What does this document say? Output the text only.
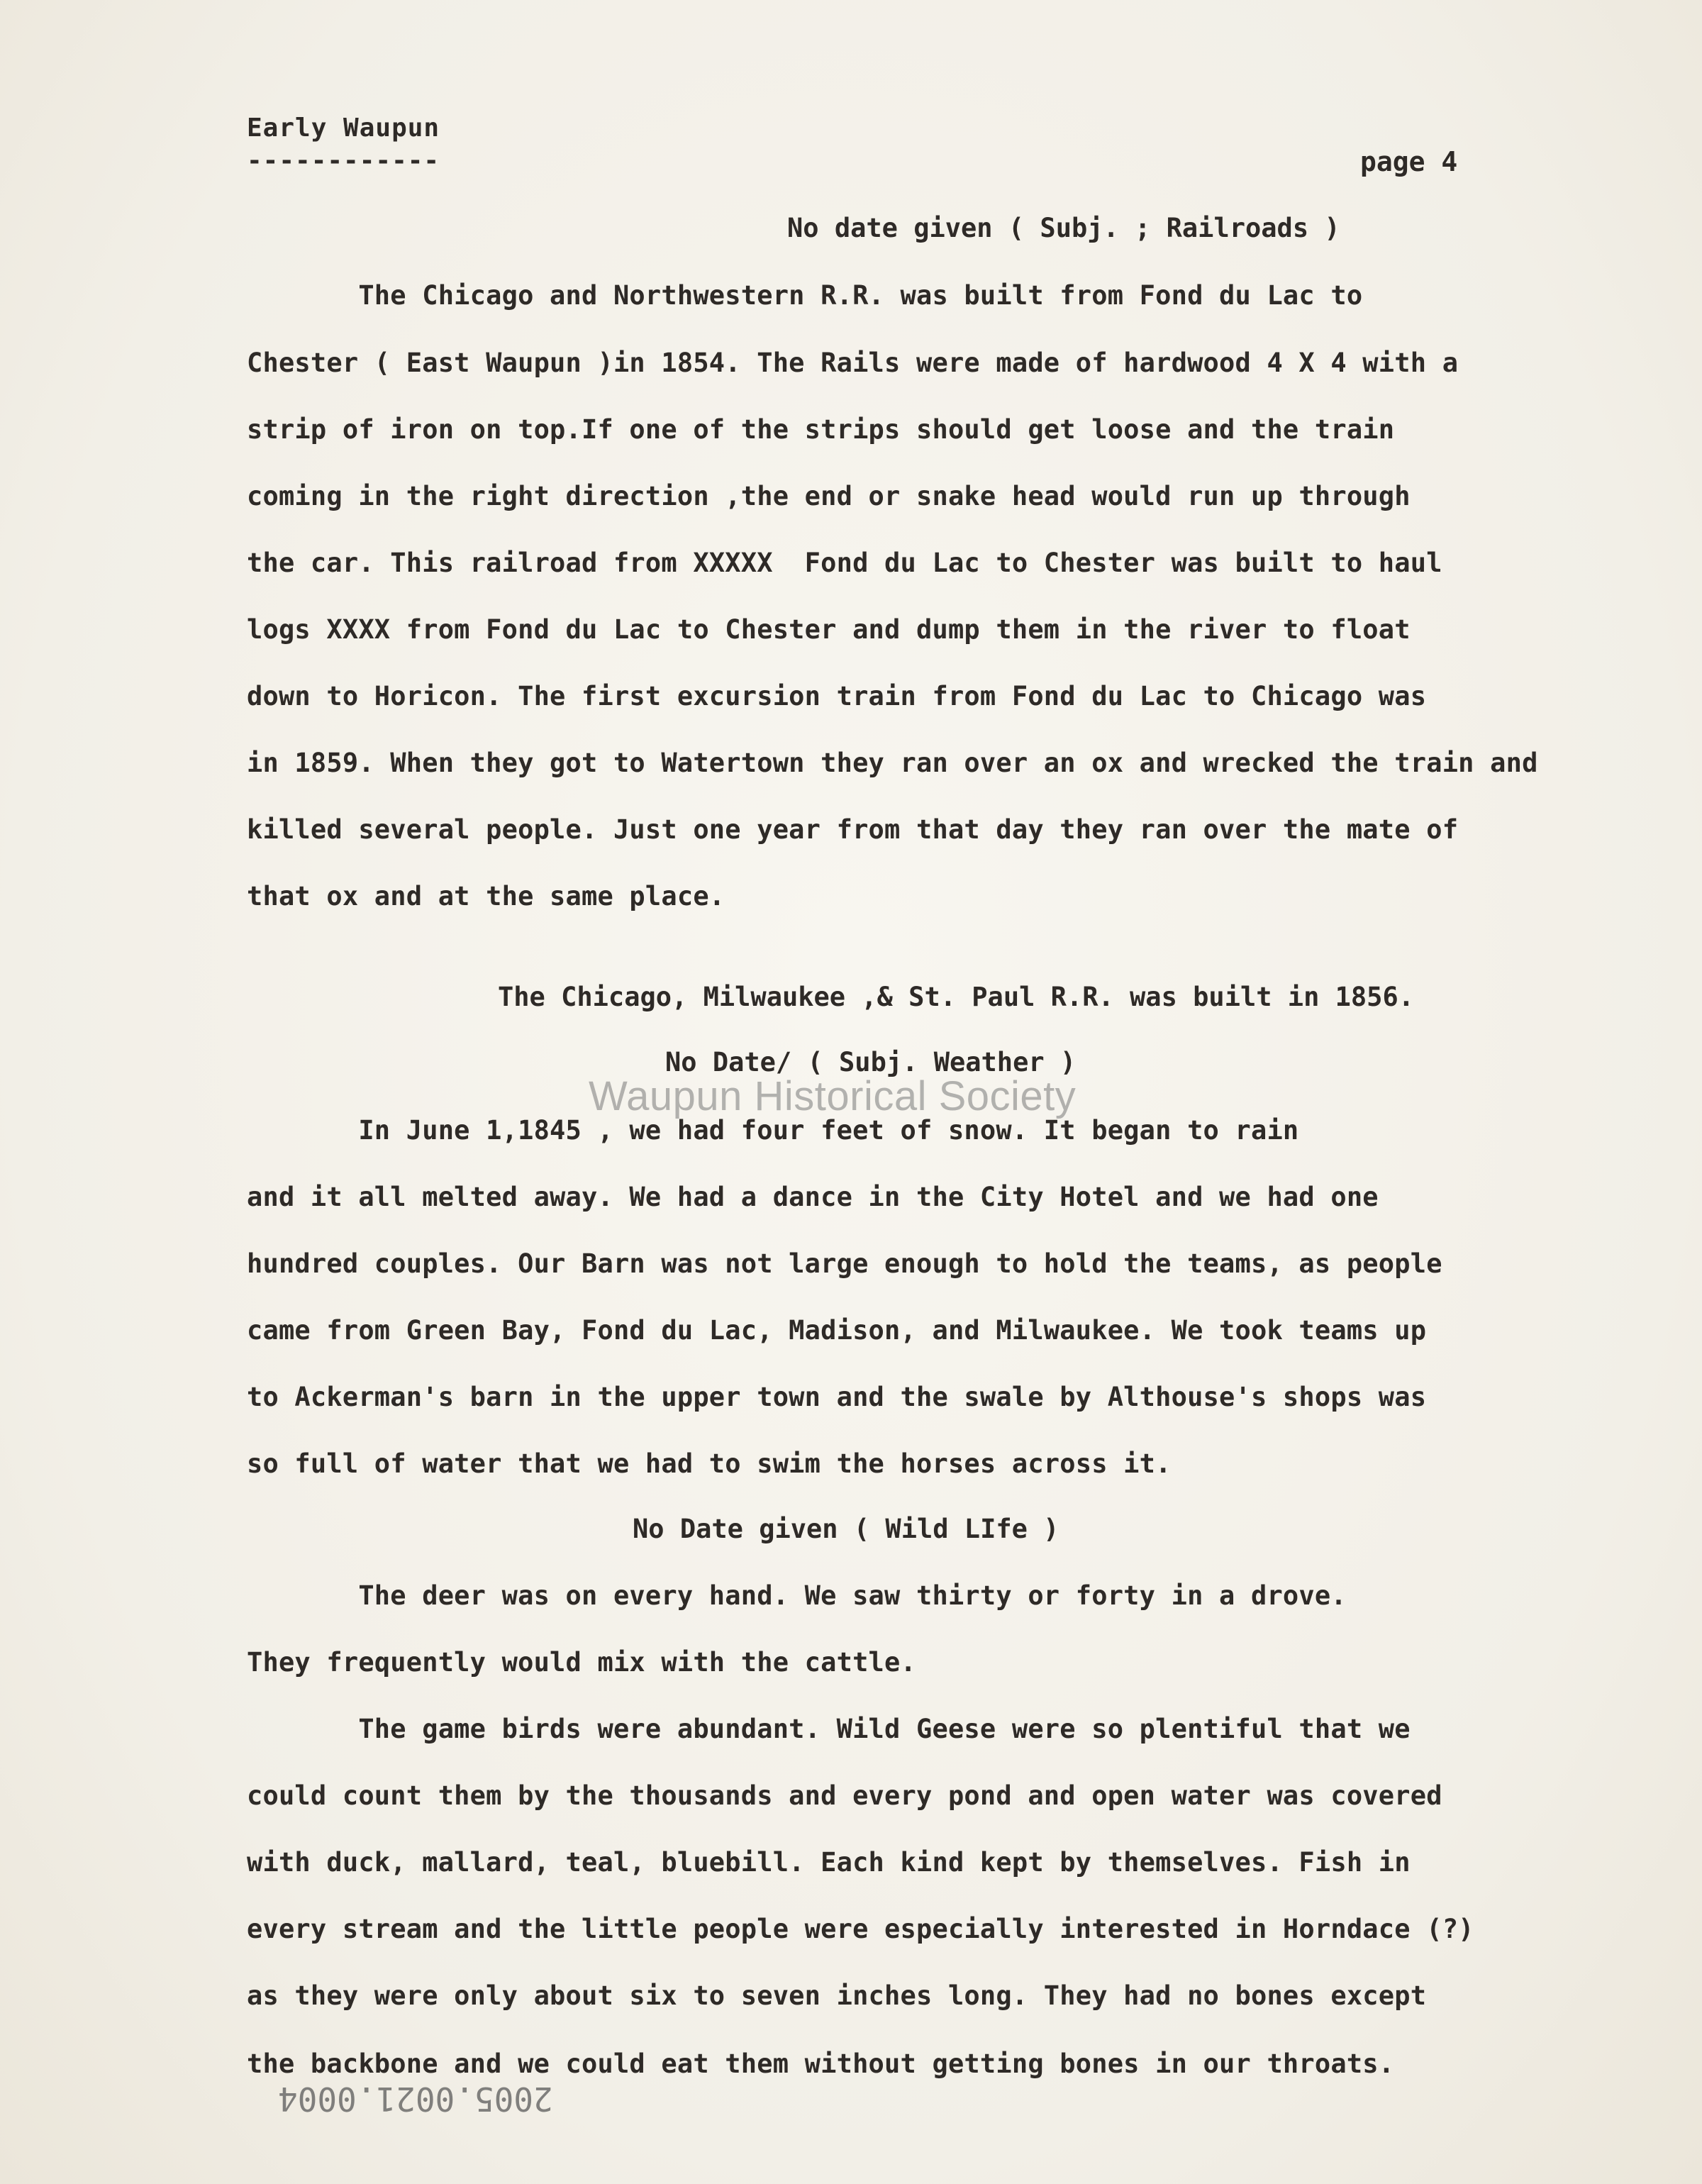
Early Waupun
------------	page 4
No date given ( Subj. ; Railroads )
The Chicago and Northwestern R.R. was built from Fond du Lac to
Chester ( East Waupun )in 1854. The Rails were made of hardwood 4 X 4 with a
strip of iron on top.If one of the strips should get loose and the train
coming in the right direction ,the end or snake head would run up through
the car. This railroad from XXXXX  Fond du Lac to Chester was built to haul
logs XXXX from Fond du Lac to Chester and dump them in the river to float
down to Horicon. The first excursion train from Fond du Lac to Chicago was
in 1859. When they got to Watertown they ran over an ox and wrecked the train and
killed several people. Just one year from that day they ran over the mate of
that ox and at the same place.
The Chicago, Milwaukee ,& St. Paul R.R. was built in 1856.
No Date/ ( Subj. Weather )
Waupun Historical Society
In June 1,1845 , we had four feet of snow. It began to rain
and it all melted away. We had a dance in the City Hotel and we had one
hundred couples. Our Barn was not large enough to hold the teams, as people
came from Green Bay, Fond du Lac, Madison, and Milwaukee. We took teams up
to Ackerman's barn in the upper town and the swale by Althouse's shops was
so full of water that we had to swim the horses across it.
No Date given ( Wild LIfe )
The deer was on every hand. We saw thirty or forty in a drove.
They frequently would mix with the cattle.
The game birds were abundant. Wild Geese were so plentiful that we
could count them by the thousands and every pond and open water was covered
with duck, mallard, teal, bluebill. Each kind kept by themselves. Fish in
every stream and the little people were especially interested in Horndace (?)
as they were only about six to seven inches long. They had no bones except
the backbone and we could eat them without getting bones in our throats.
2005.0021.0004
